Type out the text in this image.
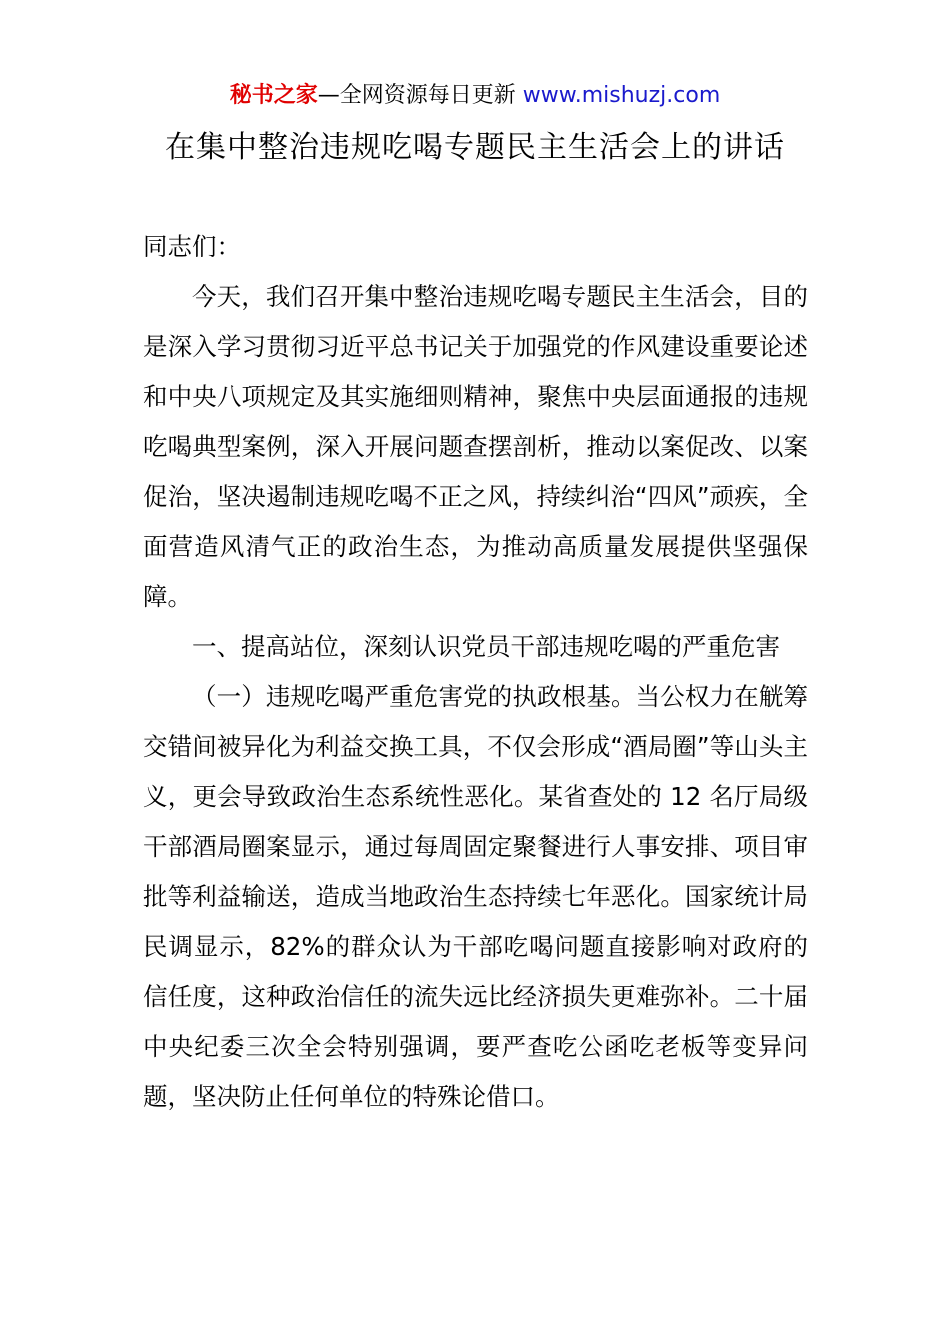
秘书之家—全网资源每日更新 www.mishuzj.com
在集中整治违规吃喝专题民主生活会上的讲话

同志们：

今天，我们召开集中整治违规吃喝专题民主生活会，目的是深入学习贯彻习近平总书记关于加强党的作风建设重要论述和中央八项规定及其实施细则精神，聚焦中央层面通报的违规吃喝典型案例，深入开展问题查摆剖析，推动以案促改、以案促治，坚决遏制违规吃喝不正之风，持续纠治“四风”顽疾，全面营造风清气正的政治生态，为推动高质量发展提供坚强保障。

一、提高站位，深刻认识党员干部违规吃喝的严重危害

（一）违规吃喝严重危害党的执政根基。当公权力在觥筹交错间被异化为利益交换工具，不仅会形成“酒局圈”等山头主义，更会导致政治生态系统性恶化。某省查处的 12 名厅局级干部酒局圈案显示，通过每周固定聚餐进行人事安排、项目审批等利益输送，造成当地政治生态持续七年恶化。国家统计局民调显示，82%的群众认为干部吃喝问题直接影响对政府的信任度，这种政治信任的流失远比经济损失更难弥补。二十届中央纪委三次全会特别强调，要严查吃公函吃老板等变异问题，坚决防止任何单位的特殊论借口。
